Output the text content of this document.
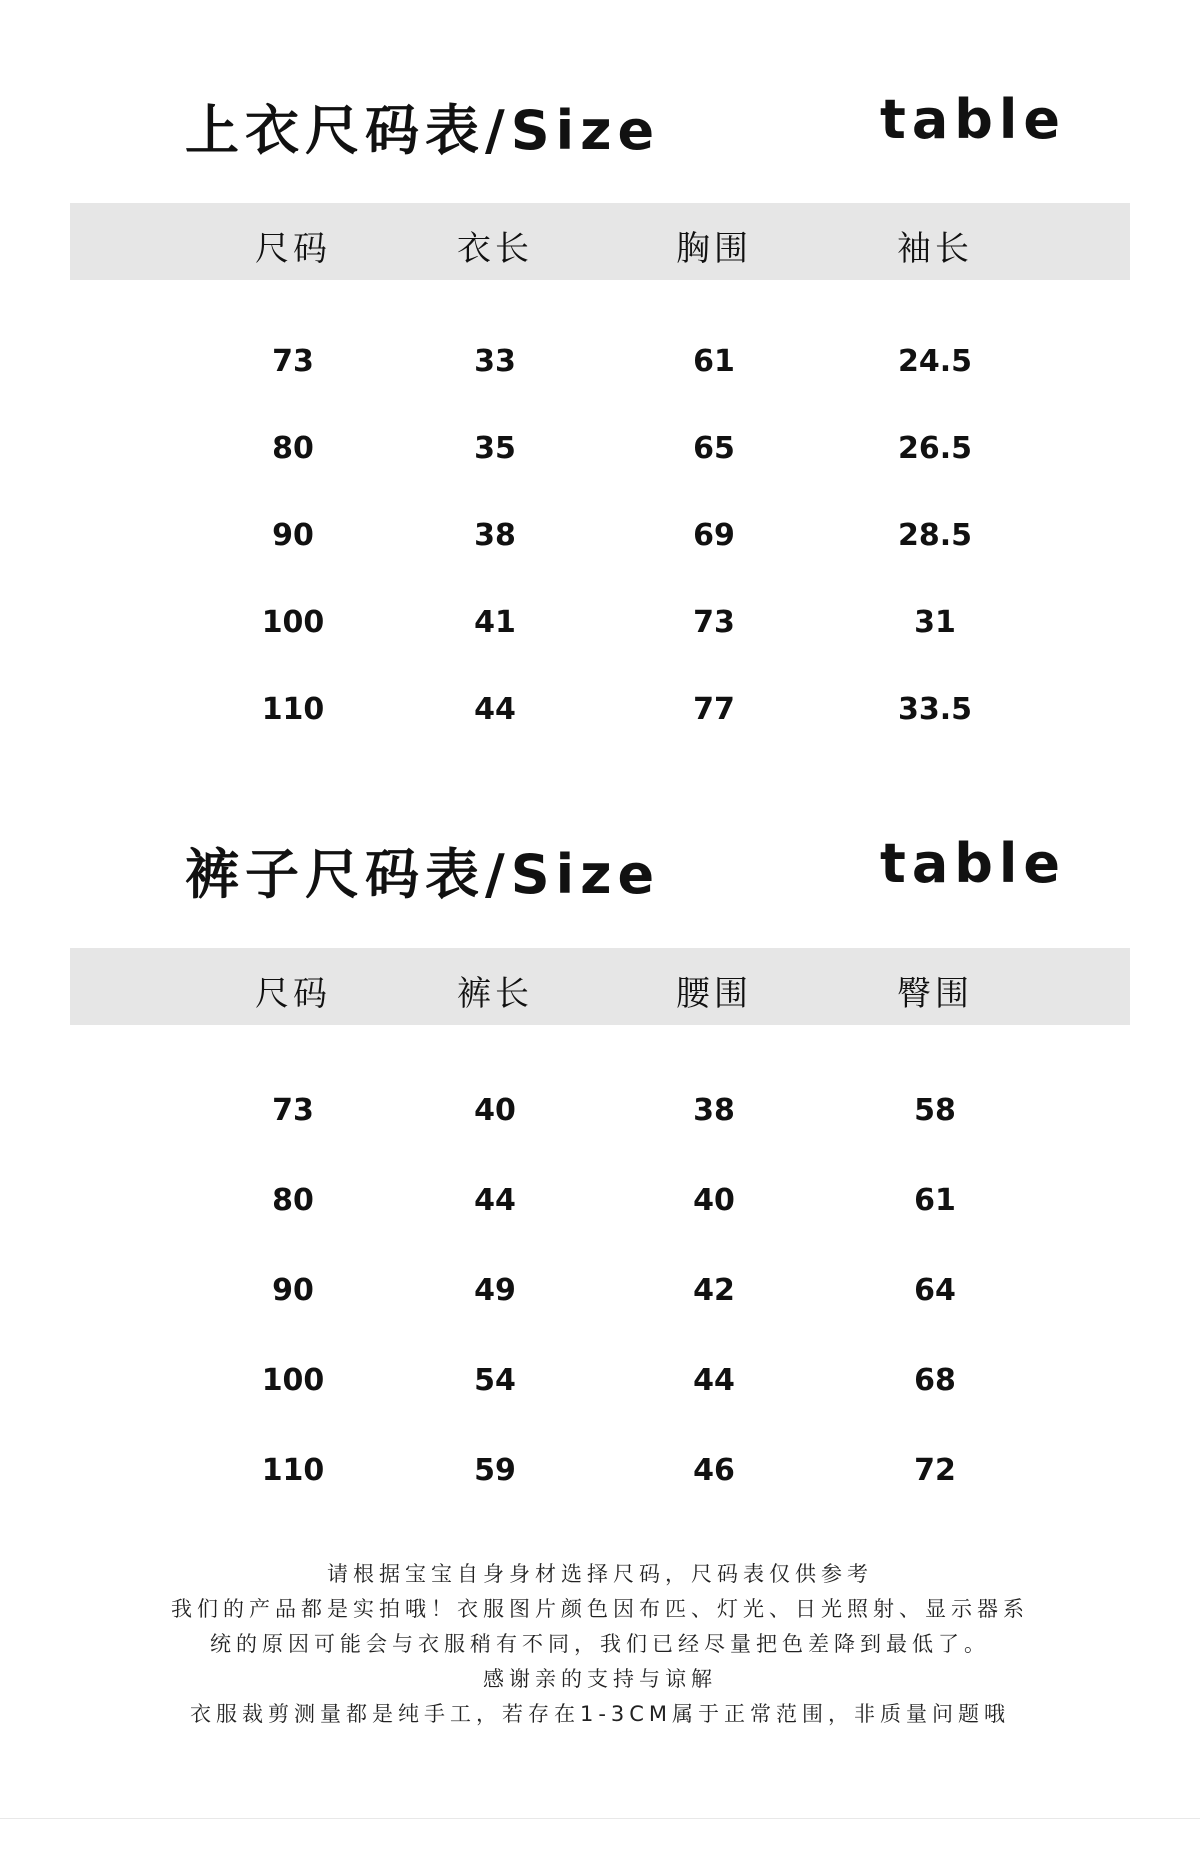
上衣尺码表/Size	table
尺码	衣长	胸围	袖长
73	33	61	24.5
80	35	65	26.5
90	38	69	28.5
100	41	73	31
110	44	77	33.5
裤子尺码表/Size	table
尺码	裤长	腰围	臀围
73	40	38	58
80	44	40	61
90	49	42	64
100	54	44	68
110	59	46	72
请根据宝宝自身身材选择尺码，尺码表仅供参考
我们的产品都是实拍哦！衣服图片颜色因布匹、灯光、日光照射、显示器系
统的原因可能会与衣服稍有不同，我们已经尽量把色差降到最低了。
感谢亲的支持与谅解
衣服裁剪测量都是纯手工，若存在1-3CM属于正常范围，非质量问题哦
